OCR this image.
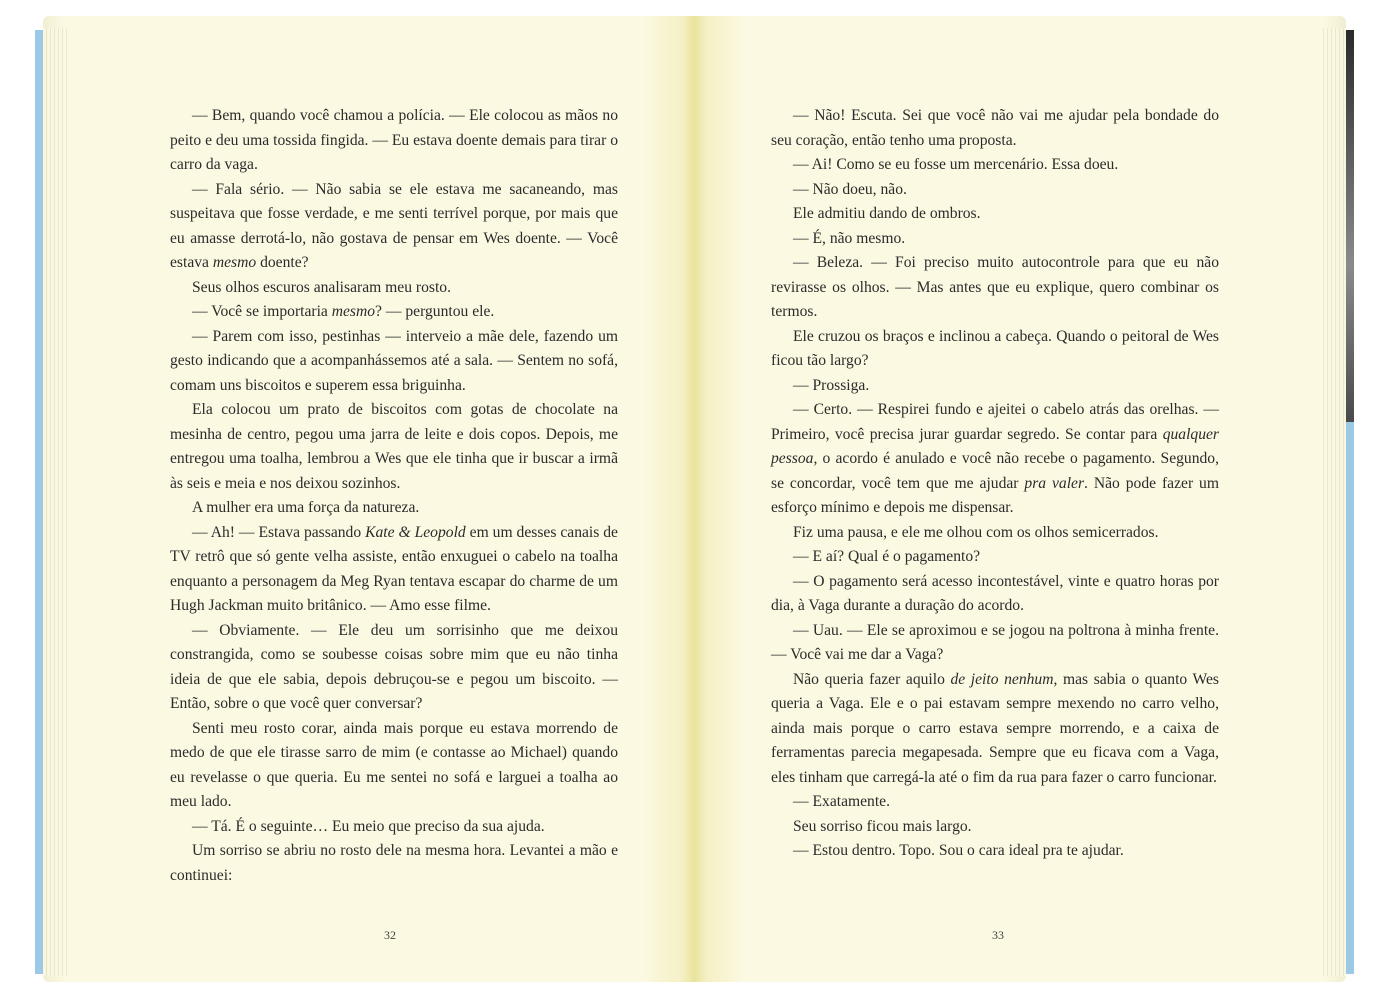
— Bem, quando você chamou a polícia. — Ele colocou as mãos no peito e deu uma tossida fingida. — Eu estava doente demais para tirar o carro da vaga.

— Fala sério. — Não sabia se ele estava me sacaneando, mas suspeitava que fosse verdade, e me senti terrível porque, por mais que eu amasse derrotá-lo, não gostava de pensar em Wes doente. — Você estava mesmo doente?

Seus olhos escuros analisaram meu rosto.

— Você se importaria mesmo? — perguntou ele.

— Parem com isso, pestinhas — interveio a mãe dele, fazendo um gesto indicando que a acompanhássemos até a sala. — Sentem no sofá, comam uns biscoitos e superem essa briguinha.

Ela colocou um prato de biscoitos com gotas de chocolate na mesinha de centro, pegou uma jarra de leite e dois copos. Depois, me entregou uma toalha, lembrou a Wes que ele tinha que ir buscar a irmã às seis e meia e nos deixou sozinhos.

A mulher era uma força da natureza.

— Ah! — Estava passando Kate & Leopold em um desses canais de TV retrô que só gente velha assiste, então enxuguei o cabelo na toalha enquanto a personagem da Meg Ryan tentava escapar do charme de um Hugh Jackman muito britânico. — Amo esse filme.

— Obviamente. — Ele deu um sorrisinho que me deixou constrangida, como se soubesse coisas sobre mim que eu não tinha ideia de que ele sabia, depois debruçou-se e pegou um biscoito. — Então, sobre o que você quer conversar?

Senti meu rosto corar, ainda mais porque eu estava morrendo de medo de que ele tirasse sarro de mim (e contasse ao Michael) quando eu revelasse o que queria. Eu me sentei no sofá e larguei a toalha ao meu lado.

— Tá. É o seguinte… Eu meio que preciso da sua ajuda.

Um sorriso se abriu no rosto dele na mesma hora. Levantei a mão e continuei:

— Não! Escuta. Sei que você não vai me ajudar pela bondade do seu coração, então tenho uma proposta.

— Ai! Como se eu fosse um mercenário. Essa doeu.

— Não doeu, não.

Ele admitiu dando de ombros.

— É, não mesmo.

— Beleza. — Foi preciso muito autocontrole para que eu não revirasse os olhos. — Mas antes que eu explique, quero combinar os termos.

Ele cruzou os braços e inclinou a cabeça. Quando o peitoral de Wes ficou tão largo?

— Prossiga.

— Certo. — Respirei fundo e ajeitei o cabelo atrás das orelhas. — Primeiro, você precisa jurar guardar segredo. Se contar para qualquer pessoa, o acordo é anulado e você não recebe o pagamento. Segundo, se concordar, você tem que me ajudar pra valer. Não pode fazer um esforço mínimo e depois me dispensar.

Fiz uma pausa, e ele me olhou com os olhos semicerrados.

— E aí? Qual é o pagamento?

— O pagamento será acesso incontestável, vinte e quatro horas por dia, à Vaga durante a duração do acordo.

— Uau. — Ele se aproximou e se jogou na poltrona à minha frente. — Você vai me dar a Vaga?

Não queria fazer aquilo de jeito nenhum, mas sabia o quanto Wes queria a Vaga. Ele e o pai estavam sempre mexendo no carro velho, ainda mais porque o carro estava sempre morrendo, e a caixa de ferramentas parecia megapesada. Sempre que eu ficava com a Vaga, eles tinham que carregá-la até o fim da rua para fazer o carro funcionar.

— Exatamente.

Seu sorriso ficou mais largo.

— Estou dentro. Topo. Sou o cara ideal pra te ajudar.

32	33
